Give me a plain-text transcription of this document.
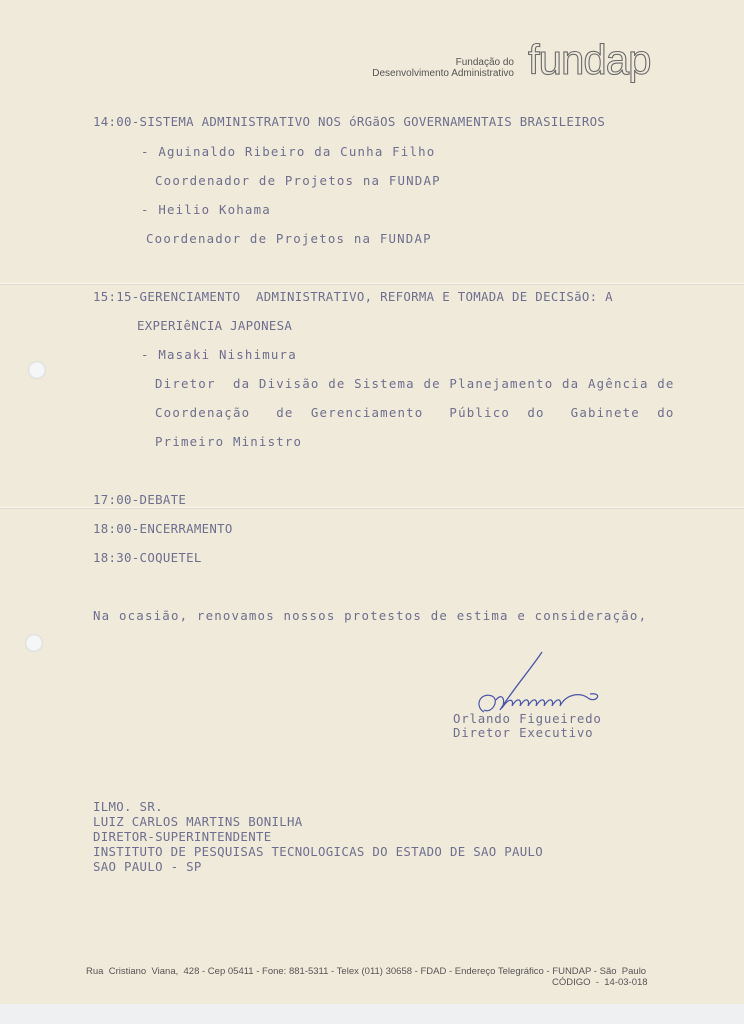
Fundação do
Desenvolvimento Administrativo fundap
14:00-SISTEMA ADMINISTRATIVO NOS óRGãOS GOVERNAMENTAIS BRASILEIROS
- Aguinaldo Ribeiro da Cunha Filho
Coordenador de Projetos na FUNDAP
- Heilio Kohama
Coordenador de Projetos na FUNDAP
15:15-GERENCIAMENTO  ADMINISTRATIVO, REFORMA E TOMADA DE DECISãO: A
EXPERIêNCIA JAPONESA
- Masaki Nishimura
Diretor  da Divisão de Sistema de Planejamento da Agência de
Coordenação   de  Gerenciamento   Público  do   Gabinete  do
Primeiro Ministro
17:00-DEBATE
18:00-ENCERRAMENTO
18:30-COQUETEL
Na ocasião, renovamos nossos protestos de estima e consideração,
Orlando Figueiredo
Diretor Executivo
ILMO. SR.
LUIZ CARLOS MARTINS BONILHA
DIRETOR-SUPERINTENDENTE
INSTITUTO DE PESQUISAS TECNOLOGICAS DO ESTADO DE SAO PAULO
SAO PAULO - SP
Rua  Cristiano  Viana,  428 - Cep 05411 - Fone: 881-5311 - Telex (011) 30658 - FDAD - Endereço Telegráfico - FUNDAP - São  Paulo
CÓDIGO  -  14-03-018
